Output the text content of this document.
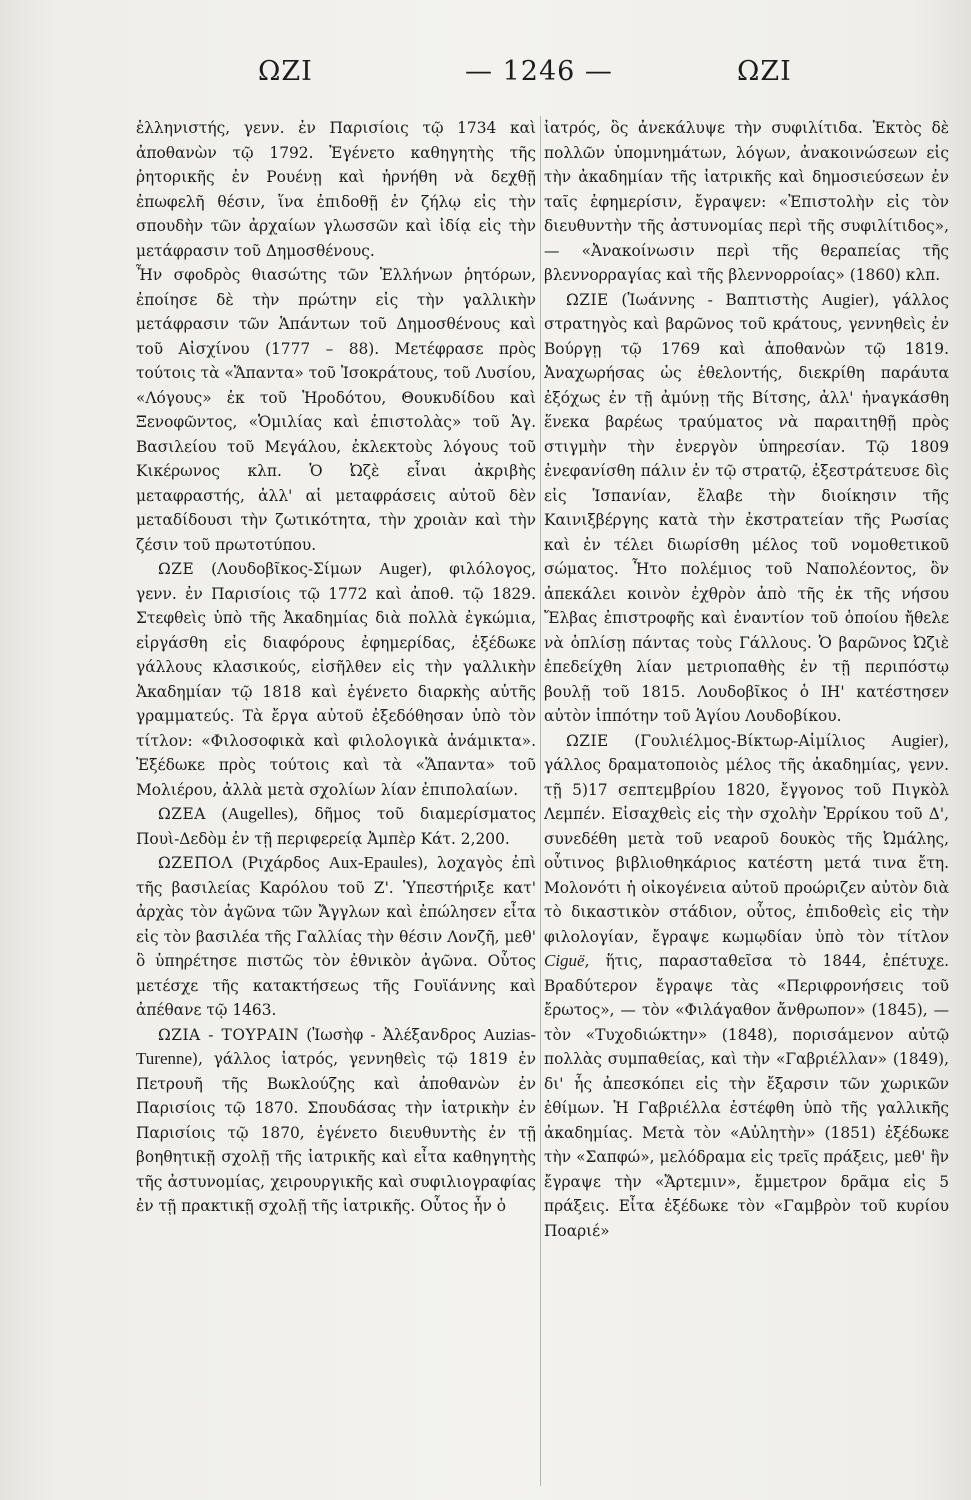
ΩΖΙ	— 1246 —	ΩΖΙ

ἑλληνιστής, γενν. ἐν Παρισίοις τῷ 1734 καὶ ἀποθανὼν τῷ 1792. Ἐγένετο καθηγητὴς τῆς ῥητορικῆς ἐν Ρουένῃ καὶ ἠρνήθη νὰ δεχθῇ ἐπωφελῆ θέσιν, ἵνα ἐπιδοθῇ ἐν ζήλῳ εἰς τὴν σπουδὴν τῶν ἀρχαίων γλωσσῶν καὶ ἰδίᾳ εἰς τὴν μετάφρασιν τοῦ Δημοσθένους.

Ἦν σφοδρὸς θιασώτης τῶν Ἑλλήνων ῥητόρων, ἐποίησε δὲ τὴν πρώτην εἰς τὴν γαλλικὴν μετάφρασιν τῶν Ἁπάντων τοῦ Δημοσθένους καὶ τοῦ Αἰσχίνου (1777 – 88). Μετέφρασε πρὸς τούτοις τὰ «Ἅπαντα» τοῦ Ἰσοκράτους, τοῦ Λυσίου, «Λόγους» ἐκ τοῦ Ἡροδότου, Θουκυδίδου καὶ Ξενοφῶντος, «Ὁμιλίας καὶ ἐπιστολὰς» τοῦ Ἁγ. Βασιλείου τοῦ Μεγάλου, ἐκλεκτοὺς λόγους τοῦ Κικέρωνος κλπ. Ὁ Ὠζὲ εἶναι ἀκριβὴς μεταφραστής, ἀλλ' αἱ μεταφράσεις αὐτοῦ δὲν μεταδίδουσι τὴν ζωτικότητα, τὴν χροιὰν καὶ τὴν ζέσιν τοῦ πρωτοτύπου.

ΩΖΕ (Λουδοβῖκος-Σίμων Auger), φιλόλογος, γενν. ἐν Παρισίοις τῷ 1772 καὶ ἀποθ. τῷ 1829. Στεφθεὶς ὑπὸ τῆς Ἀκαδημίας διὰ πολλὰ ἐγκώμια, εἰργάσθη εἰς διαφόρους ἐφημερίδας, ἐξέδωκε γάλλους κλασικούς, εἰσῆλθεν εἰς τὴν γαλλικὴν Ἀκαδημίαν τῷ 1818 καὶ ἐγένετο διαρκὴς αὐτῆς γραμματεύς. Τὰ ἔργα αὐτοῦ ἐξεδόθησαν ὑπὸ τὸν τίτλον: «Φιλοσοφικὰ καὶ φιλολογικὰ ἀνάμικτα». Ἐξέδωκε πρὸς τούτοις καὶ τὰ «Ἅπαντα» τοῦ Μολιέρου, ἀλλὰ μετὰ σχολίων λίαν ἐπιπολαίων.

ΩΖΕΑ (Augelles), δῆμος τοῦ διαμερίσματος Πουὶ-Δεδὸμ ἐν τῇ περιφερείᾳ Ἀμπὲρ Κάτ. 2,200.

ΩΖΕΠΟΛ (Ριχάρδος Aux-Epaules), λοχαγὸς ἐπὶ τῆς βασιλείας Καρόλου τοῦ Ζ'. Ὑπεστήριξε κατ' ἀρχὰς τὸν ἀγῶνα τῶν Ἄγγλων καὶ ἐπώλησεν εἶτα εἰς τὸν βασιλέα τῆς Γαλλίας τὴν θέσιν Λονζῆ, μεθ' ὃ ὑπηρέτησε πιστῶς τὸν ἐθνικὸν ἀγῶνα. Οὗτος μετέσχε τῆς κατακτήσεως τῆς Γουϊάννης καὶ ἀπέθανε τῷ 1463.

ΩΖΙΑ - ΤΟΥΡΑΙΝ (Ἰωσὴφ - Ἀλέξανδρος Auzias-Turenne), γάλλος ἰατρός, γεννηθεὶς τῷ 1819 ἐν Πετρουῆ τῆς Βωκλούζης καὶ ἀποθανὼν ἐν Παρισίοις τῷ 1870. Σπουδάσας τὴν ἰατρικὴν ἐν Παρισίοις τῷ 1870, ἐγένετο διευθυντὴς ἐν τῇ βοηθητικῇ σχολῇ τῆς ἰατρικῆς καὶ εἶτα καθηγητὴς τῆς ἀστυνομίας, χειρουργικῆς καὶ συφιλιογραφίας ἐν τῇ πρακτικῇ σχολῇ τῆς ἰατρικῆς. Οὗτος ἦν ὁ

ἰατρός, ὃς ἀνεκάλυψε τὴν συφιλίτιδα. Ἐκτὸς δὲ πολλῶν ὑπομνημάτων, λόγων, ἀνακοινώσεων εἰς τὴν ἀκαδημίαν τῆς ἰατρικῆς καὶ δημοσιεύσεων ἐν ταῖς ἐφημερίσιν, ἔγραψεν: «Ἐπιστολὴν εἰς τὸν διευθυντὴν τῆς ἀστυνομίας περὶ τῆς συφιλίτιδος», — «Ἀνακοίνωσιν περὶ τῆς θεραπείας τῆς βλεννορραγίας καὶ τῆς βλεννορροίας» (1860) κλπ.

ΩΖΙΕ (Ἰωάννης - Βαπτιστὴς Augier), γάλλος στρατηγὸς καὶ βαρῶνος τοῦ κράτους, γεννηθεὶς ἐν Βούργῃ τῷ 1769 καὶ ἀποθανὼν τῷ 1819. Ἀναχωρήσας ὡς ἐθελοντής, διεκρίθη παράυτα ἐξόχως ἐν τῇ ἀμύνῃ τῆς Βίτσης, ἀλλ' ἠναγκάσθη ἕνεκα βαρέως τραύματος νὰ παραιτηθῇ πρὸς στιγμὴν τὴν ἐνεργὸν ὑπηρεσίαν. Τῷ 1809 ἐνεφανίσθη πάλιν ἐν τῷ στρατῷ, ἐξεστράτευσε δὶς εἰς Ἱσπανίαν, ἔλαβε τὴν διοίκησιν τῆς Καινιξβέργης κατὰ τὴν ἐκστρατείαν τῆς Ρωσίας καὶ ἐν τέλει διωρίσθη μέλος τοῦ νομοθετικοῦ σώματος. Ἦτο πολέμιος τοῦ Ναπολέοντος, ὃν ἀπεκάλει κοινὸν ἐχθρὸν ἀπὸ τῆς ἐκ τῆς νήσου Ἔλβας ἐπιστροφῆς καὶ ἐναντίον τοῦ ὁποίου ἤθελε νὰ ὁπλίσῃ πάντας τοὺς Γάλλους. Ὁ βαρῶνος Ὠζιὲ ἐπεδείχθη λίαν μετριοπαθὴς ἐν τῇ περιπόστῳ βουλῇ τοῦ 1815. Λουδοβῖκος ὁ ΙΗ' κατέστησεν αὐτὸν ἱππότην τοῦ Ἁγίου Λουδοβίκου.

ΩΖΙΕ (Γουλιέλμος-Βίκτωρ-Αἰμίλιος Augier), γάλλος δραματοποιὸς μέλος τῆς ἀκαδημίας, γενν. τῇ 5)17 σεπτεμβρίου 1820, ἔγγονος τοῦ Πιγκὸλ Λεμπέν. Εἰσαχθεὶς εἰς τὴν σχολὴν Ἐρρίκου τοῦ Δ', συνεδέθη μετὰ τοῦ νεαροῦ δουκὸς τῆς Ὠμάλης, οὗτινος βιβλιοθηκάριος κατέστη μετά τινα ἔτη. Μολονότι ἡ οἰκογένεια αὐτοῦ προώριζεν αὐτὸν διὰ τὸ δικαστικὸν στάδιον, οὗτος, ἐπιδοθεὶς εἰς τὴν φιλολογίαν, ἔγραψε κωμῳδίαν ὑπὸ τὸν τίτλον Ciguë, ἥτις, παρασταθεῖσα τὸ 1844, ἐπέτυχε. Βραδύτερον ἔγραψε τὰς «Περιφρονήσεις τοῦ ἔρωτος», — τὸν «Φιλάγαθον ἄνθρωπον» (1845), — τὸν «Τυχοδιώκτην» (1848), πορισάμενον αὐτῷ πολλὰς συμπαθείας, καὶ τὴν «Γαβριέλλαν» (1849), δι' ἧς ἀπεσκόπει εἰς τὴν ἔξαρσιν τῶν χωρικῶν ἐθίμων. Ἡ Γαβριέλλα ἐστέφθη ὑπὸ τῆς γαλλικῆς ἀκαδημίας. Μετὰ τὸν «Αὐλητὴν» (1851) ἐξέδωκε τὴν «Σαπφώ», μελόδραμα εἰς τρεῖς πράξεις, μεθ' ἣν ἔγραψε τὴν «Ἄρτεμιν», ἔμμετρον δρᾶμα εἰς 5 πράξεις. Εἶτα ἐξέδωκε τὸν «Γαμβρὸν τοῦ κυρίου Ποαριέ»
